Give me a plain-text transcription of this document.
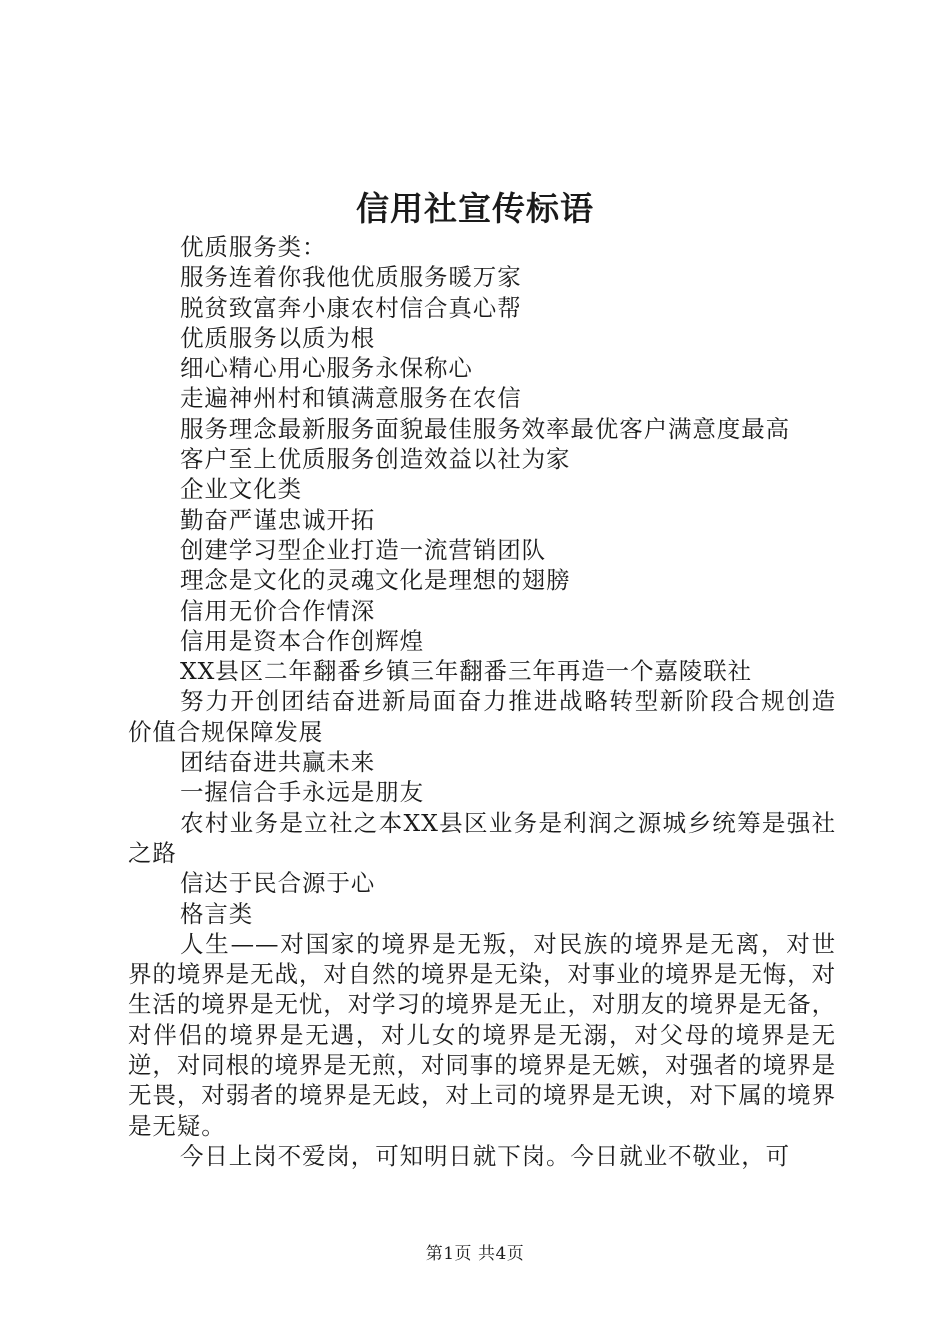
信用社宣传标语

优质服务类：

服务连着你我他优质服务暖万家

脱贫致富奔小康农村信合真心帮

优质服务以质为根

细心精心用心服务永保称心

走遍神州村和镇满意服务在农信

服务理念最新服务面貌最佳服务效率最优客户满意度最高

客户至上优质服务创造效益以社为家

企业文化类

勤奋严谨忠诚开拓

创建学习型企业打造一流营销团队

理念是文化的灵魂文化是理想的翅膀

信用无价合作情深

信用是资本合作创辉煌

XX县区二年翻番乡镇三年翻番三年再造一个嘉陵联社

努力开创团结奋进新局面奋力推进战略转型新阶段合规创造价值合规保障发展

团结奋进共赢未来

一握信合手永远是朋友

农村业务是立社之本XX县区业务是利润之源城乡统筹是强社之路

信达于民合源于心

格言类

人生——对国家的境界是无叛，对民族的境界是无离，对世界的境界是无战，对自然的境界是无染，对事业的境界是无悔，对生活的境界是无忧，对学习的境界是无止，对朋友的境界是无备，对伴侣的境界是无遇，对儿女的境界是无溺，对父母的境界是无逆，对同根的境界是无煎，对同事的境界是无嫉，对强者的境界是无畏，对弱者的境界是无歧，对上司的境界是无谀，对下属的境界是无疑。

今日上岗不爱岗，可知明日就下岗。今日就业不敬业，可

第1页 共4页
